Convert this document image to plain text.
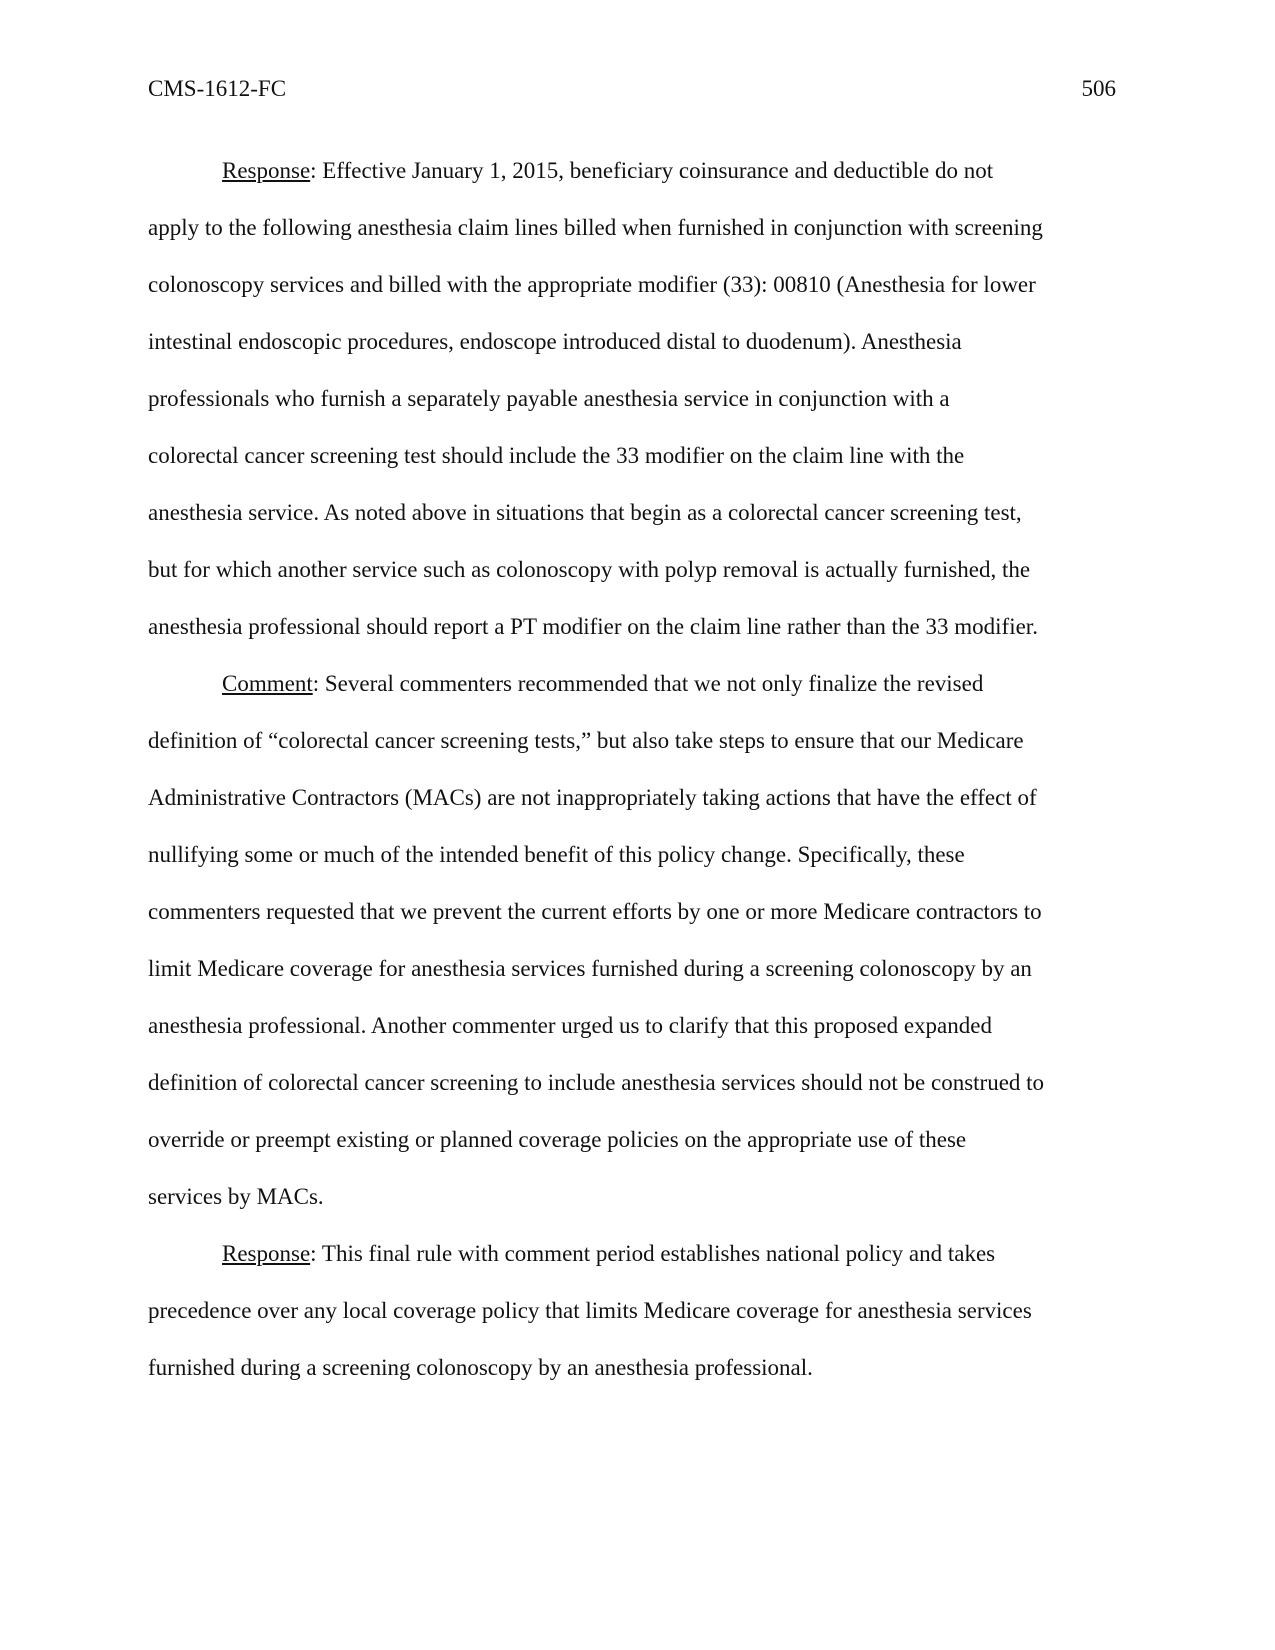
CMS-1612-FC	506
Response: Effective January 1, 2015, beneficiary coinsurance and deductible do not
apply to the following anesthesia claim lines billed when furnished in conjunction with screening
colonoscopy services and billed with the appropriate modifier (33): 00810 (Anesthesia for lower
intestinal endoscopic procedures, endoscope introduced distal to duodenum). Anesthesia
professionals who furnish a separately payable anesthesia service in conjunction with a
colorectal cancer screening test should include the 33 modifier on the claim line with the
anesthesia service. As noted above in situations that begin as a colorectal cancer screening test,
but for which another service such as colonoscopy with polyp removal is actually furnished, the
anesthesia professional should report a PT modifier on the claim line rather than the 33 modifier.
Comment: Several commenters recommended that we not only finalize the revised
definition of “colorectal cancer screening tests,” but also take steps to ensure that our Medicare
Administrative Contractors (MACs) are not inappropriately taking actions that have the effect of
nullifying some or much of the intended benefit of this policy change. Specifically, these
commenters requested that we prevent the current efforts by one or more Medicare contractors to
limit Medicare coverage for anesthesia services furnished during a screening colonoscopy by an
anesthesia professional. Another commenter urged us to clarify that this proposed expanded
definition of colorectal cancer screening to include anesthesia services should not be construed to
override or preempt existing or planned coverage policies on the appropriate use of these
services by MACs.
Response: This final rule with comment period establishes national policy and takes
precedence over any local coverage policy that limits Medicare coverage for anesthesia services
furnished during a screening colonoscopy by an anesthesia professional.
